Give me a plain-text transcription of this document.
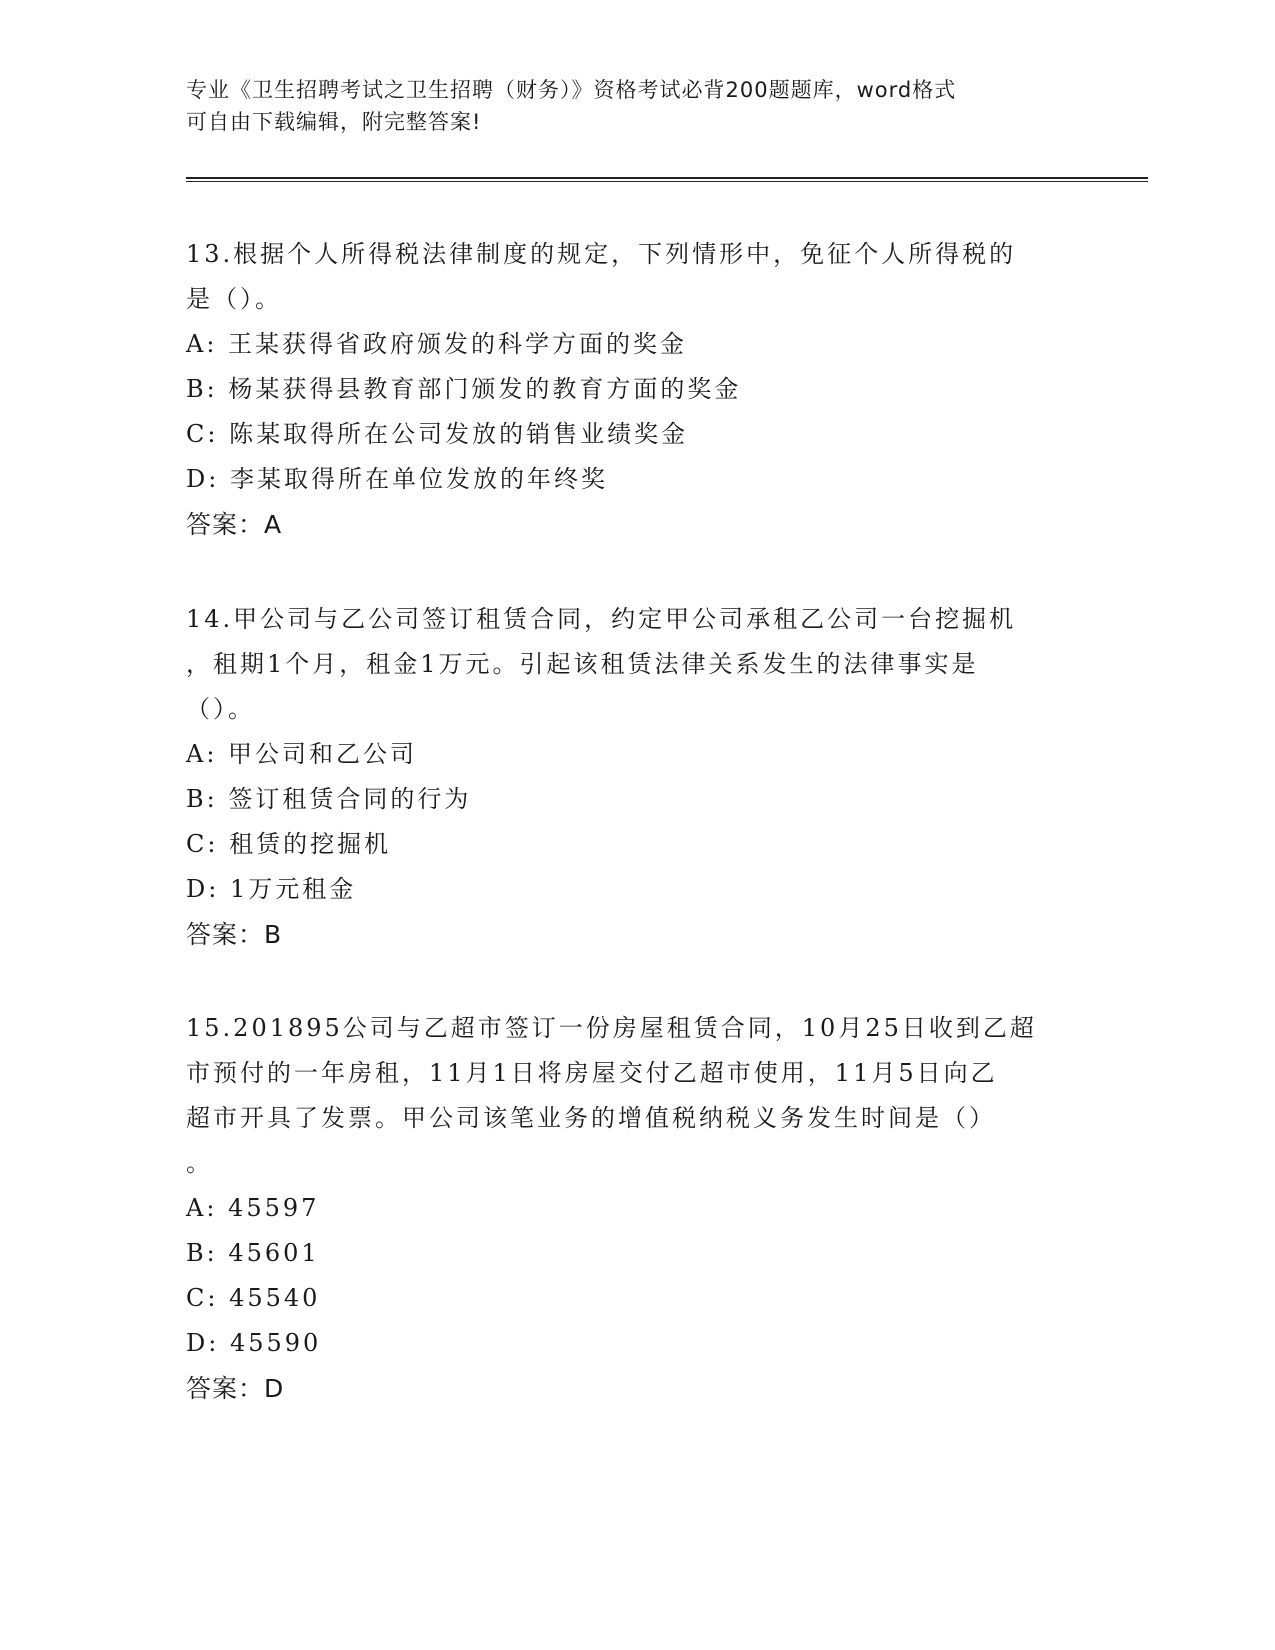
专业《卫生招聘考试之卫生招聘（财务）》资格考试必背200题题库，word格式
可自由下载编辑，附完整答案!

13.根据个人所得税法律制度的规定，下列情形中，免征个人所得税的

是（）。

A: 王某获得省政府颁发的科学方面的奖金

B: 杨某获得县教育部门颁发的教育方面的奖金

C: 陈某取得所在公司发放的销售业绩奖金

D: 李某取得所在单位发放的年终奖

答案：A

14.甲公司与乙公司签订租赁合同，约定甲公司承租乙公司一台挖掘机

，租期1个月，租金1万元。引起该租赁法律关系发生的法律事实是

（）。

A: 甲公司和乙公司

B: 签订租赁合同的行为

C: 租赁的挖掘机

D: 1万元租金

答案：B

15.201895公司与乙超市签订一份房屋租赁合同，10月25日收到乙超

市预付的一年房租，11月1日将房屋交付乙超市使用，11月5日向乙

超市开具了发票。甲公司该笔业务的增值税纳税义务发生时间是（）

。

A: 45597

B: 45601

C: 45540

D: 45590

答案：D
